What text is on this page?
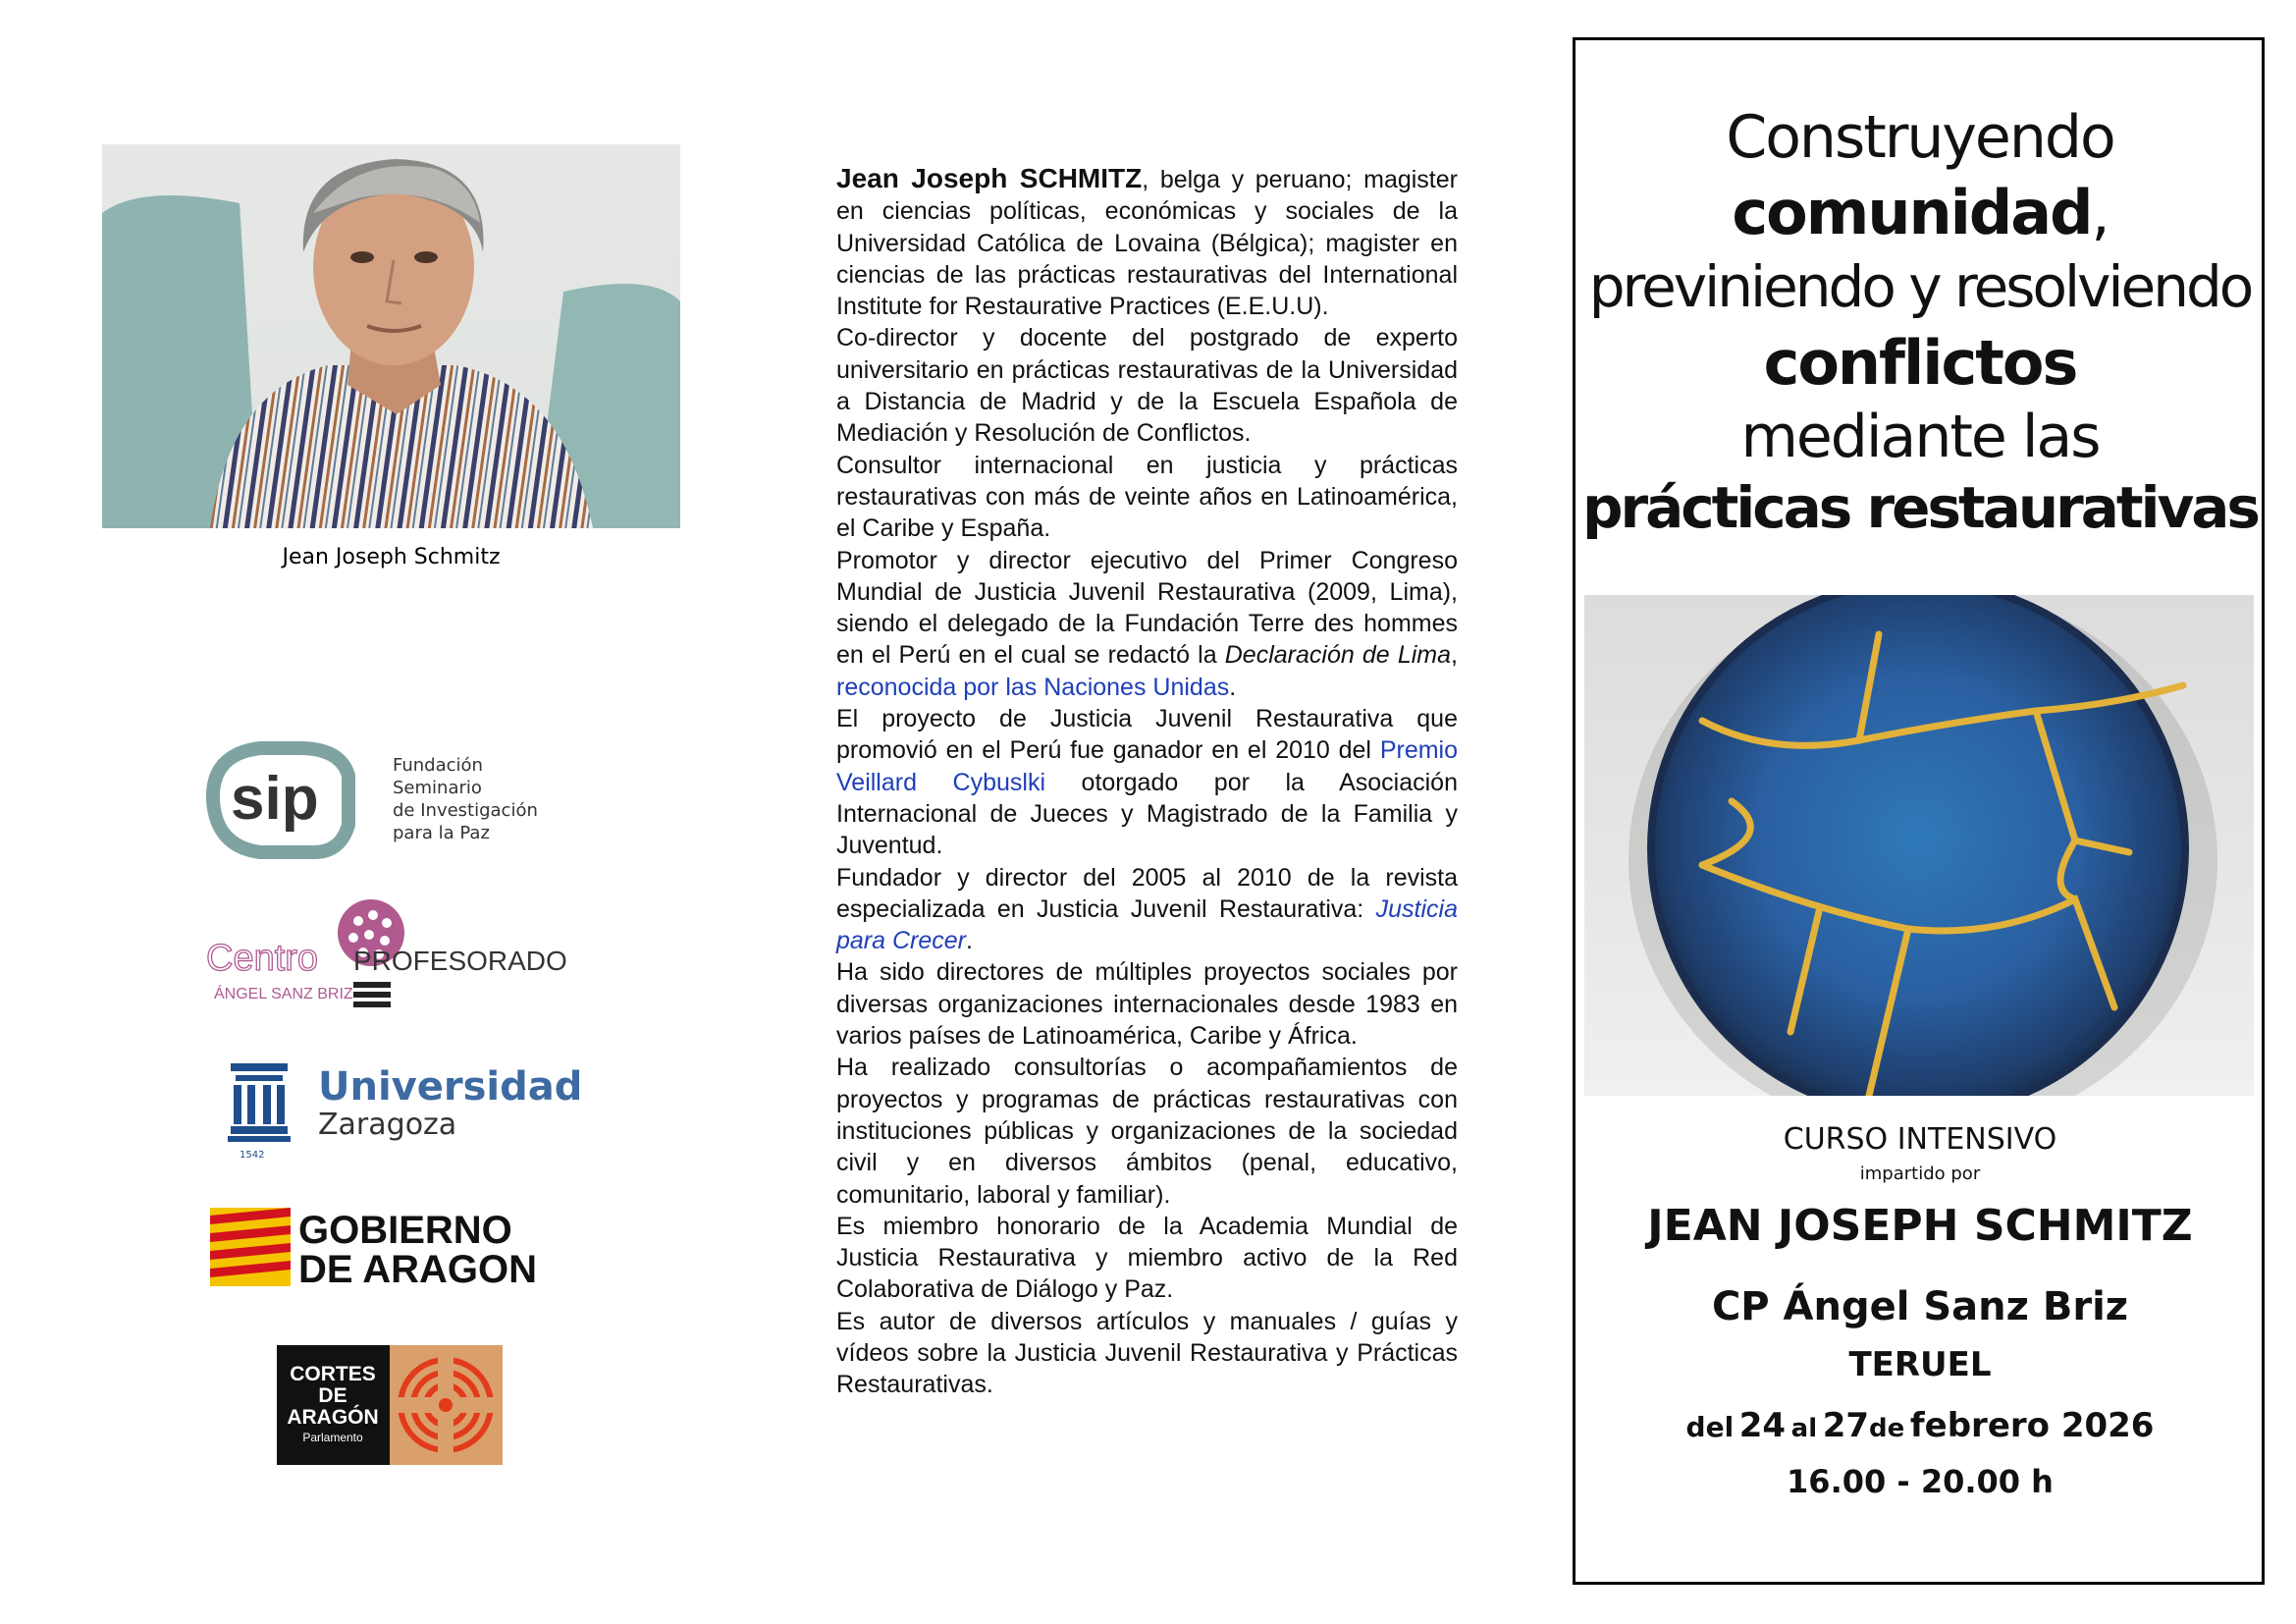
Jean Joseph Schmitz
sip	Fundación
Seminario
de Investigación
para la Paz
Centro PROFESORADO
ÁNGEL SANZ BRIZ
1542
Universidad
Zaragoza
GOBIERNO
DE ARAGON
CORTES
DE
ARAGÓN
Parlamento

Jean Joseph SCHMITZ, belga y peruano; magister en ciencias políticas, económicas y sociales de la Universidad Católica de Lovaina (Bélgica); magister en ciencias de las prácticas restaurativas del International Institute for Restaurative Practices (E.E.U.U).

Co-director y docente del postgrado de experto universitario en prácticas restaurativas de la Universidad a Distancia de Madrid y de la Escuela Española de Mediación y Resolución de Conflictos.

Consultor internacional en justicia y prácticas restaurativas con más de veinte años en Latinoamérica, el Caribe y España.

Promotor y director ejecutivo del Primer Congreso Mundial de Justicia Juvenil Restaurativa (2009, Lima), siendo el delegado de la Fundación Terre des hommes en el Perú en el cual se redactó la Declaración de Lima, reconocida por las Naciones Unidas.

El proyecto de Justicia Juvenil Restaurativa que promovió en el Perú fue ganador en el 2010 del Premio Veillard Cybuslki otorgado por la Asociación Internacional de Jueces y Magistrado de la Familia y Juventud.

Fundador y director del 2005 al 2010 de la revista especializada en Justicia Juvenil Restaurativa: Justicia para Crecer.

Ha sido directores de múltiples proyectos sociales por diversas organizaciones internacionales desde 1983 en varios países de Latinoamérica, Caribe y África.

Ha realizado consultorías o acompañamientos de proyectos y programas de prácticas restaurativas con instituciones públicas y organizaciones de la sociedad civil y en diversos ámbitos (penal, educativo, comunitario, laboral y familiar).

Es miembro honorario de la Academia Mundial de Justicia Restaurativa y miembro activo de la Red Colaborativa de Diálogo y Paz.

Es autor de diversos artículos y manuales / guías y vídeos sobre la Justicia Juvenil Restaurativa y Prácticas Restaurativas.

Construyendo
comunidad,
previniendo y resolviendo
conflictos
mediante las
prácticas restaurativas
CURSO INTENSIVO
impartido por
JEAN JOSEPH SCHMITZ
CP Ángel Sanz Briz
TERUEL
del 24 al 27de febrero 2026
16.00 - 20.00 h
